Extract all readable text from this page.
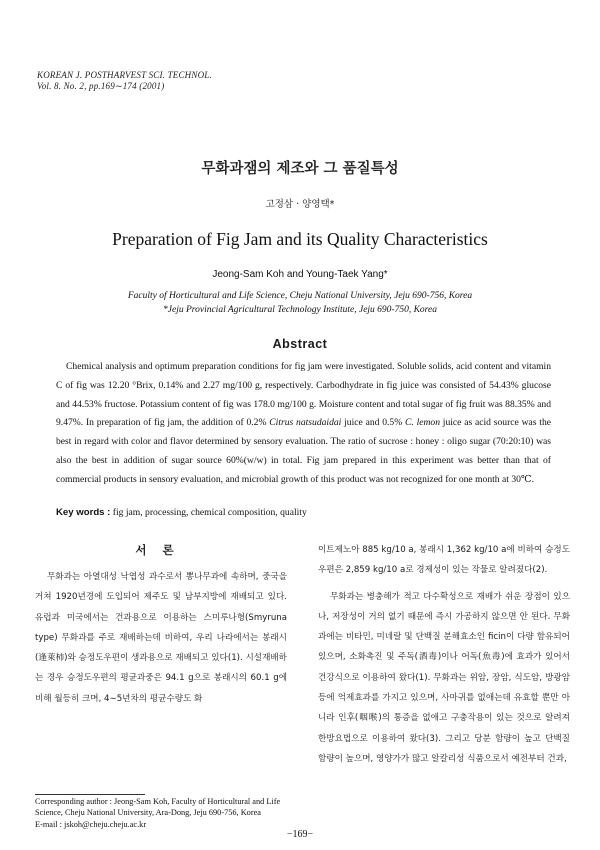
KOREAN J. POSTHARVEST SCI. TECHNOL.
Vol. 8. No. 2, pp.169∼174 (2001)
무화과잼의 제조와 그 품질특성
고정삼 · 양영택*
Preparation of Fig Jam and its Quality Characteristics
Jeong-Sam Koh and Young-Taek Yang*
Faculty of Horticultural and Life Science, Cheju National University, Jeju 690-756, Korea
*Jeju Provincial Agricultural Technology Institute, Jeju 690-750, Korea
Abstract
Chemical analysis and optimum preparation conditions for fig jam were investigated. Soluble solids, acid content and vitamin C of fig was 12.20 °Brix, 0.14% and 2.27 mg/100 g, respectively. Carbodhydrate in fig juice was consisted of 54.43% glucose and 44.53% fructose. Potassium content of fig was 178.0 mg/100 g. Moisture content and total sugar of fig fruit was 88.35% and 9.47%. In preparation of fig jam, the addition of 0.2% Citrus natsudaidai juice and 0.5% C. lemon juice as acid source was the best in regard with color and flavor determined by sensory evaluation. The ratio of sucrose : honey : oligo sugar (70:20:10) was also the best in addition of sugar source 60%(w/w) in total. Fig jam prepared in this experiment was better than that of commercial products in sensory evaluation, and microbial growth of this product was not recognized for one month at 30℃.
Key words : fig jam, processing, chemical composition, quality
서 론

무화과는 아열대성 낙엽성 과수로서 뽕나무과에 속하며, 중국을 거쳐 1920년경에 도입되어 제주도 및 남부지방에 재배되고 있다. 유럽과 미국에서는 건과용으로 이용하는 스미루나형(Smyruna type) 무화과를 주로 재배하는데 비하여, 우리 나라에서는 봉래시(逢萊柿)와 승정도우편이 생과용으로 재배되고 있다(1). 시설재배하는 경우 승정도우편의 평균과중은 94.1 g으로 봉래시의 60.1 g에 비해 월등히 크며, 4∼5년차의 평균수량도 화

이트제노아 885 kg/10 a, 봉래시 1,362 kg/10 a에 비하여 승정도우편은 2,859 kg/10 a로 경제성이 있는 작물로 알려졌다(2).

무화과는 병충해가 적고 다수확성으로 재배가 쉬운 장점이 있으나, 저장성이 거의 없기 때문에 즉시 가공하지 않으면 안 된다. 무화과에는 비타민, 미네랄 및 단백질 분해효소인 ficin이 다량 함유되어 있으며, 소화촉진 및 주독(酒毒)이나 어독(魚毒)에 효과가 있어서 건강식으로 이용하여 왔다(1). 무화과는 위암, 장암, 식도암, 방광암 등에 억제효과를 가지고 있으며, 사마귀를 없애는데 유효할 뿐만 아니라 인후(咽喉)의 통증을 없애고 구충작용이 있는 것으로 알려져 한방요법으로 이용하여 왔다(3). 그리고 당분 함량이 높고 단백질 함량이 높으며, 영양가가 많고 알칼리성 식품으로서 예전부터 건과,

Corresponding author : Jeong-Sam Koh, Faculty of Horticultural and Life Science, Cheju National University, Ara-Dong, Jeju 690-756, Korea
E-mail : jskoh@cheju.cheju.ac.kr
−169−
